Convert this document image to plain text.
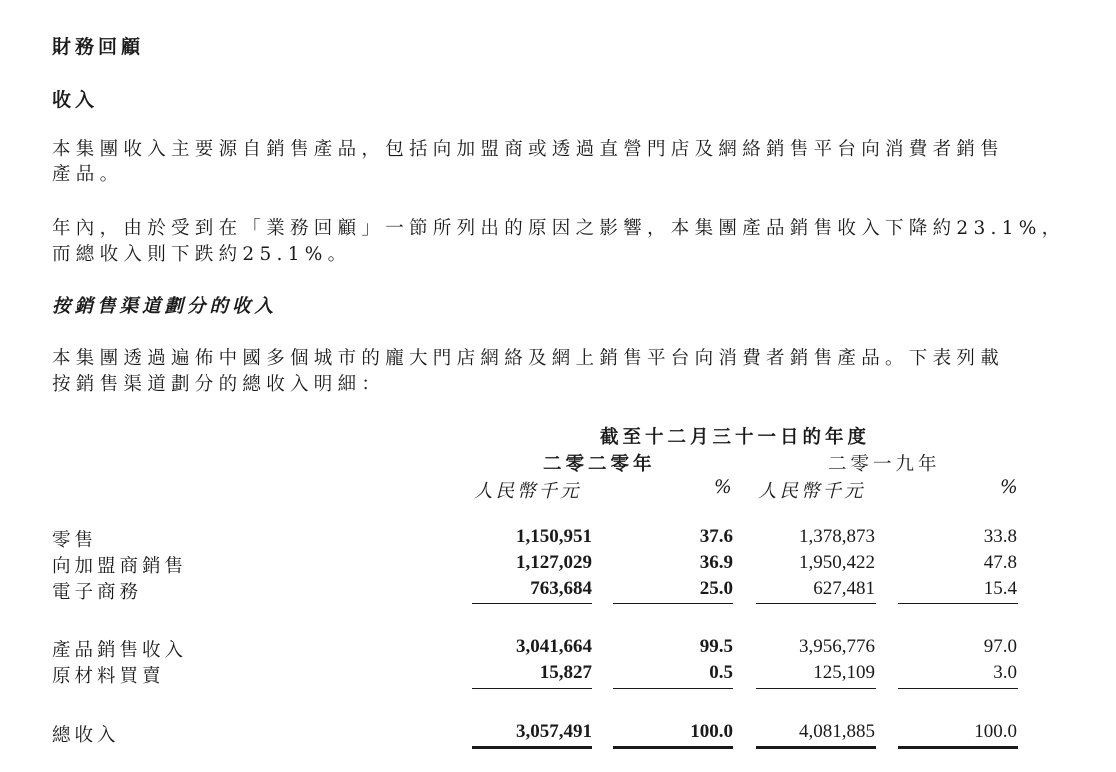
財務回顧
收入
本集團收入主要源自銷售產品，包括向加盟商或透過直營門店及網絡銷售平台向消費者銷售
產品。
年內，由於受到在「業務回顧」一節所列出的原因之影響，本集團產品銷售收入下降約23.1%，
而總收入則下跌約25.1%。
按銷售渠道劃分的收入
本集團透過遍佈中國多個城市的龐大門店網絡及網上銷售平台向消費者銷售產品。下表列載
按銷售渠道劃分的總收入明細：
截至十二月三十一日的年度
二零二零年	二零一九年
人民幣千元	% 人民幣千元	%
零售	1,150,951	37.6	1,378,873	33.8
向加盟商銷售	1,127,029	36.9	1,950,422	47.8
電子商務	763,684	25.0	627,481	15.4
產品銷售收入	3,041,664	99.5	3,956,776	97.0
原材料買賣	15,827	0.5	125,109	3.0
總收入	3,057,491	100.0	4,081,885	100.0
